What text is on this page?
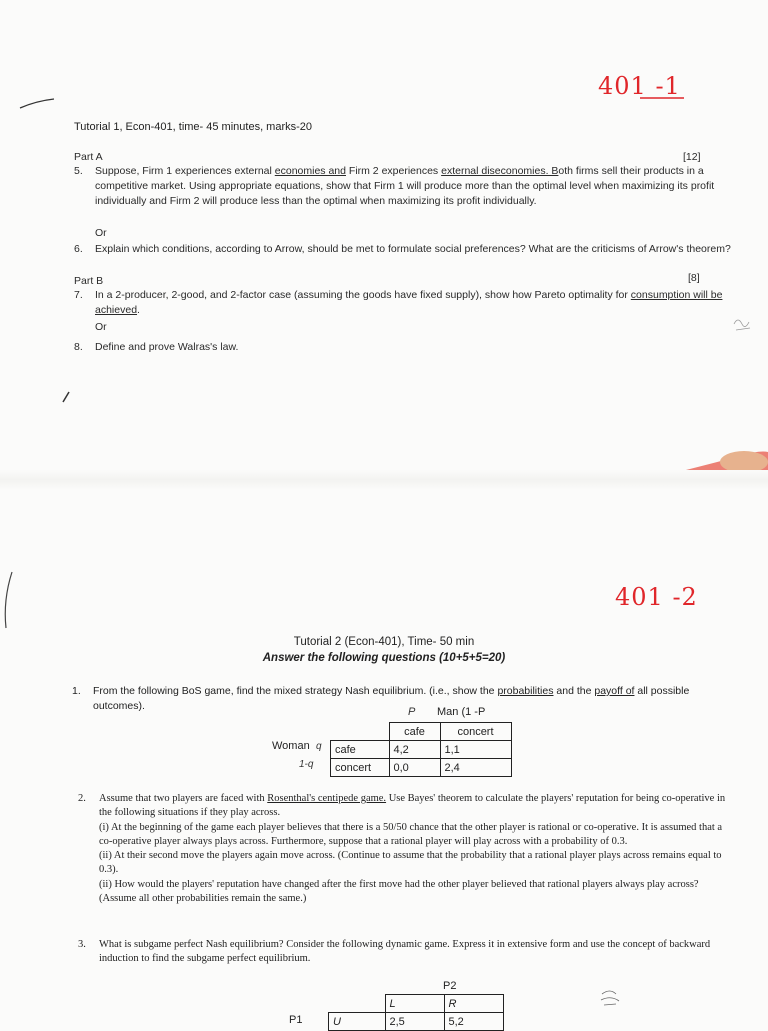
401 -1
Tutorial 1, Econ-401, time- 45 minutes, marks-20
Part A	[12]
5.	Suppose, Firm 1 experiences external economies and Firm 2 experiences external diseconomies. Both firms sell their products in a competitive market. Using appropriate equations, show that Firm 1 will produce more than the optimal level when maximizing its profit individually and Firm 2 will produce less than the optimal when maximizing its profit individually.
Or
6.	Explain which conditions, according to Arrow, should be met to formulate social preferences? What are the criticisms of Arrow's theorem?
Part B	[8]
7.	In a 2-producer, 2-good, and 2-factor case (assuming the goods have fixed supply), show how Pareto optimality for consumption will be achieved.
Or
8.	Define and prove Walras's law.
401 -2
Tutorial 2 (Econ-401), Time- 50 min
Answer the following questions (10+5+5=20)
1.	From the following BoS game, find the mixed strategy Nash equilibrium. (i.e., show the probabilities and the payoff of all possible outcomes).	P Man (1 -P
Woman q
1-q
	cafe	concert
cafe	4,2	1,1
concert	0,0	2,4
2. Assume that two players are faced with Rosenthal's centipede game. Use Bayes' theorem to calculate the players' reputation for being co-operative in the following situations if they play across.
(i) At the beginning of the game each player believes that there is a 50/50 chance that the other player is rational or co-operative. It is assumed that a co-operative player always plays across. Furthermore, suppose that a rational player will play across with a probability of 0.3.
(ii) At their second move the players again move across. (Continue to assume that the probability that a rational player plays across remains equal to 0.3).
(ii) How would the players' reputation have changed after the first move had the other player believed that rational players always play across? (Assume all other probabilities remain the same.)
3.	What is subgame perfect Nash equilibrium? Consider the following dynamic game. Express it in extensive form and use the concept of backward induction to find the subgame perfect equilibrium.
P2
P1
	L	R
U	2,5	5,2
